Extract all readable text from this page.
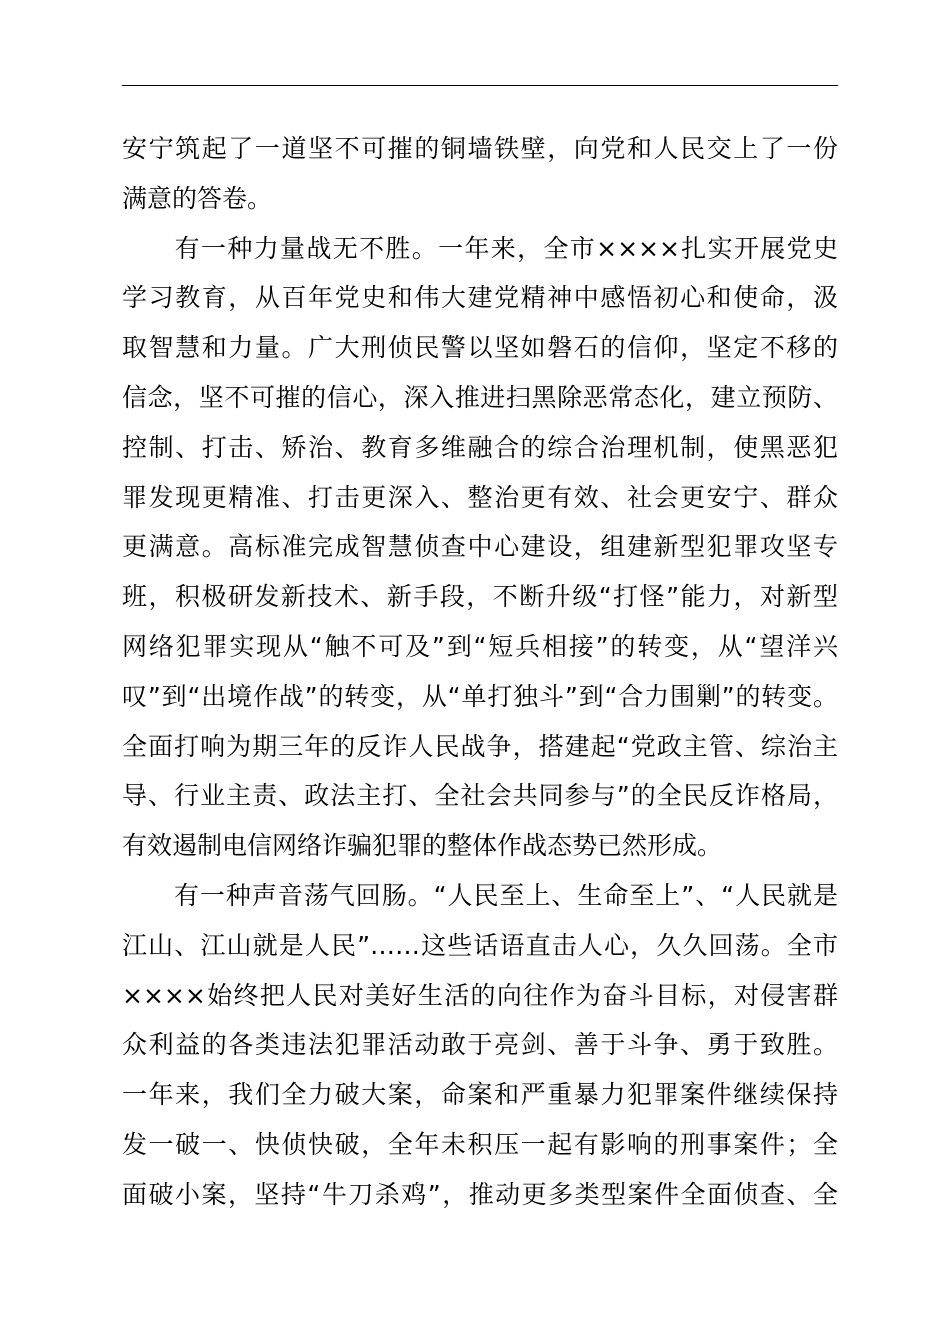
安宁筑起了一道坚不可摧的铜墙铁壁，向党和人民交上了一份
满意的答卷。
　　有一种力量战无不胜。一年来，全市××××扎实开展党史
学习教育，从百年党史和伟大建党精神中感悟初心和使命，汲
取智慧和力量。广大刑侦民警以坚如磐石的信仰，坚定不移的
信念，坚不可摧的信心，深入推进扫黑除恶常态化，建立预防、
控制、打击、矫治、教育多维融合的综合治理机制，使黑恶犯
罪发现更精准、打击更深入、整治更有效、社会更安宁、群众
更满意。高标准完成智慧侦查中心建设，组建新型犯罪攻坚专
班，积极研发新技术、新手段，不断升级“打怪”能力，对新型
网络犯罪实现从“触不可及”到“短兵相接”的转变，从“望洋兴
叹”到“出境作战”的转变，从“单打独斗”到“合力围剿”的转变。
全面打响为期三年的反诈人民战争，搭建起“党政主管、综治主
导、行业主责、政法主打、全社会共同参与”的全民反诈格局，
有效遏制电信网络诈骗犯罪的整体作战态势已然形成。
　　有一种声音荡气回肠。“人民至上、生命至上”、“人民就是
江山、江山就是人民”……这些话语直击人心，久久回荡。全市
××××始终把人民对美好生活的向往作为奋斗目标，对侵害群
众利益的各类违法犯罪活动敢于亮剑、善于斗争、勇于致胜。
一年来，我们全力破大案，命案和严重暴力犯罪案件继续保持
发一破一、快侦快破，全年未积压一起有影响的刑事案件；全
面破小案，坚持“牛刀杀鸡”，推动更多类型案件全面侦查、全
